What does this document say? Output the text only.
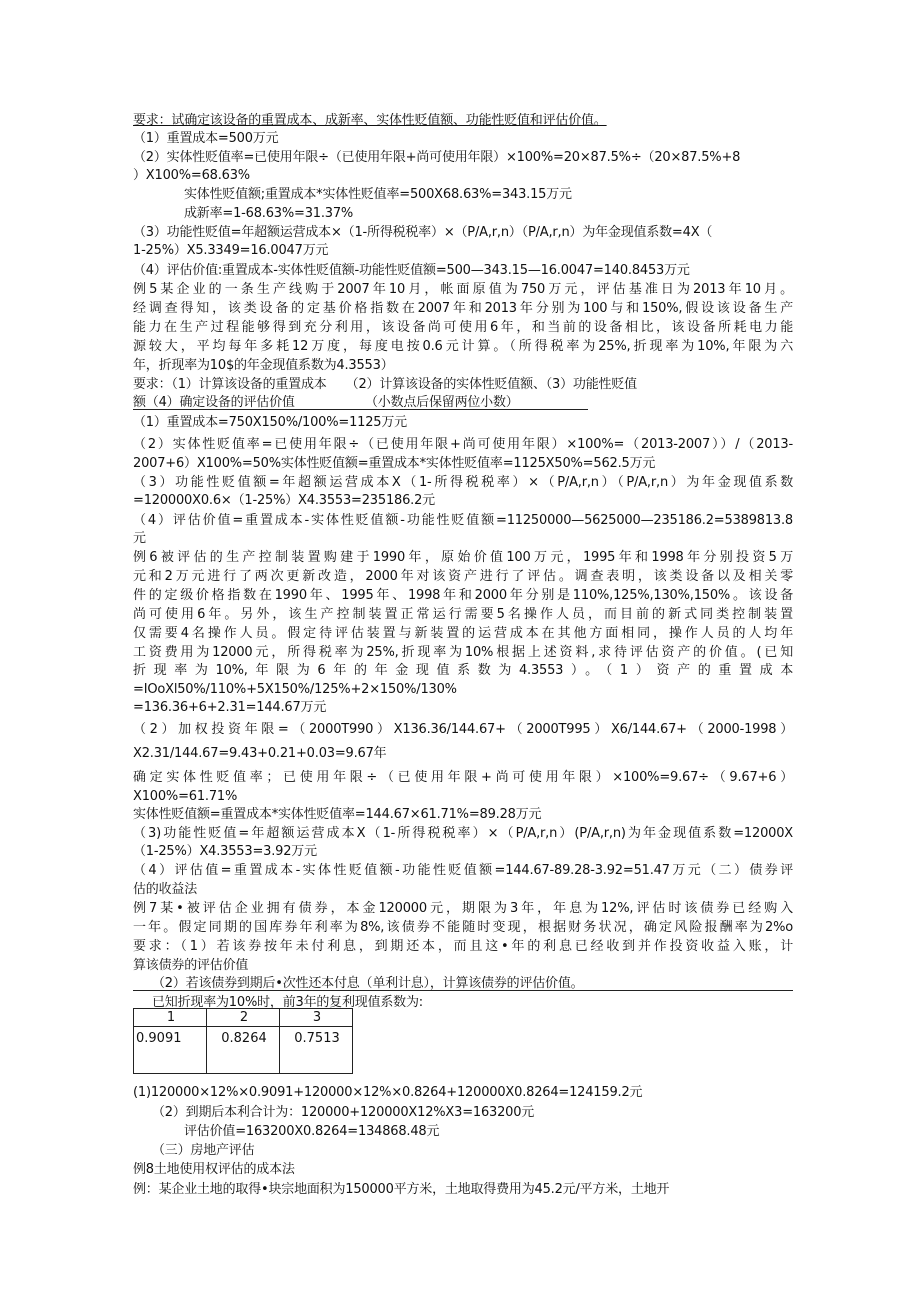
要求：试确定该设备的重置成本、成新率、实体性贬值额、功能性贬值和评估价值。
（1）重置成本=500万元
（2）实体性贬值率=已使用年限÷（已使用年限+尚可使用年限）×100%=20×87.5%÷（20×87.5%+8
）X100%=68.63%
实体性贬值额;重置成本*实体性贬值率=500X68.63%=343.15万元
成新率=1-68.63%=31.37%
（3）功能性贬值=年超额运营成本×（1-所得税税率）×（P/A,r,n）（P/A,r,n）为年金现值系数=4X（
1-25%）X5.3349=16.0047万元
（4）评估价值:重置成本-实体性贬值额-功能性贬值额=500—343.15—16.0047=140.8453万元
例5某企业的一条生产线购于2007年10月，帐面原值为750万元，评估基准日为2013年10月。
经调查得知，该类设备的定基价格指数在2007年和2013年分别为100与和150%,假设该设备生产
能力在生产过程能够得到充分利用，该设备尚可使用6年，和当前的设备相比，该设备所耗电力能
源较大，平均每年多耗12万度，每度电按0.6元计算。（所得税率为25%,折现率为10%,年限为六
年，折现率为10$的年金现值系数为4.3553）
要求：（1）计算该设备的重置成本　　（2）计算该设备的实体性贬值额、（3）功能性贬值
额（4）确定设备的评估价值　　　　　　（小数点后保留两位小数）
（1）重置成本=750X150%/100%=1125万元
（2）实体性贬值率=已使用年限÷（已使用年限+尚可使用年限）×100%=（2013-2007））/（2013-
2007+6）X100%=50%实体性贬值额=重置成本*实体性贬值率=1125X50%=562.5万元
（3）功能性贬值额=年超额运营成本X（1-所得税税率）×（P/A,r,n）（P/A,r,n）为年金现值系数
=120000X0.6×（1-25%）X4.3553=235186.2元
（4）评估价值=重置成本-实体性贬值额-功能性贬值额=11250000—5625000—235186.2=5389813.8
元
例6被评估的生产控制装置购建于1990年，原始价值100万元，1995年和1998年分别投资5万
元和2万元进行了两次更新改造，2000年对该资产进行了评估。调查表明，该类设备以及相关零
件的定级价格指数在1990年、1995年、1998年和2000年分别是110%,125%,130%,150%。该设备
尚可使用6年。另外，该生产控制装置正常运行需要5名操作人员，而目前的新式同类控制装置
仅需要4名操作人员。假定待评估装置与新装置的运营成本在其他方面相同，操作人员的人均年
工资费用为12000元，所得税率为25%,折现率为10%根据上述资料,求待评估资产的价值。(已知
折现率为10%,年限为6年的年金现值系数为4.3553）。（1）资产的重置成本
=IOoXl50%/110%+5X150%/125%+2×150%/130%
=136.36+6+2.31=144.67万元
（2）加权投资年限=（2000T990）X136.36/144.67+（2000T995）X6/144.67+（2000-1998）
X2.31/144.67=9.43+0.21+0.03=9.67年
确定实体性贬值率；已使用年限÷（已使用年限+尚可使用年限）×100%=9.67÷（9.67+6）
X100%=61.71%
实体性贬值额=重置成本*实体性贬值率=144.67×61.71%=89.28万元
（3)功能性贬值=年超额运营成本X（1-所得税税率）×（P/A,r,n）(P/A,r,n)为年金现值系数=12000X
（1-25%）X4.3553=3.92万元
（4）评估值=重置成本-实体性贬值额-功能性贬值额=144.67-89.28-3.92=51.47万元（二）债券评
估的收益法
例7某•被评估企业拥有债券，本金120000元，期限为3年，年息为12%,评估时该债券已经购入
一年。假定同期的国库券年利率为8%,该债券不能随时变现，根据财务状况，确定风险报酬率为2%o
要求：（1）若该券按年未付利息，到期还本，而且这•年的利息已经收到并作投资收益入账，计
算该债券的评估价值
（2）若该债券到期后•次性还本付息（单利计息），计算该债券的评估价值。
已知折现率为10%时，前3年的复利现值系数为:
1	2	3
0.9091	0.8264	0.7513
(1)120000×12%×0.9091+120000×12%×0.8264+120000X0.8264=124159.2元
（2）到期后本利合计为：120000+120000X12%X3=163200元
评估价值=163200X0.8264=134868.48元
（三）房地产评估
例8土地使用权评估的成本法
例：某企业土地的取得•块宗地面积为150000平方米，土地取得费用为45.2元/平方米，土地开
